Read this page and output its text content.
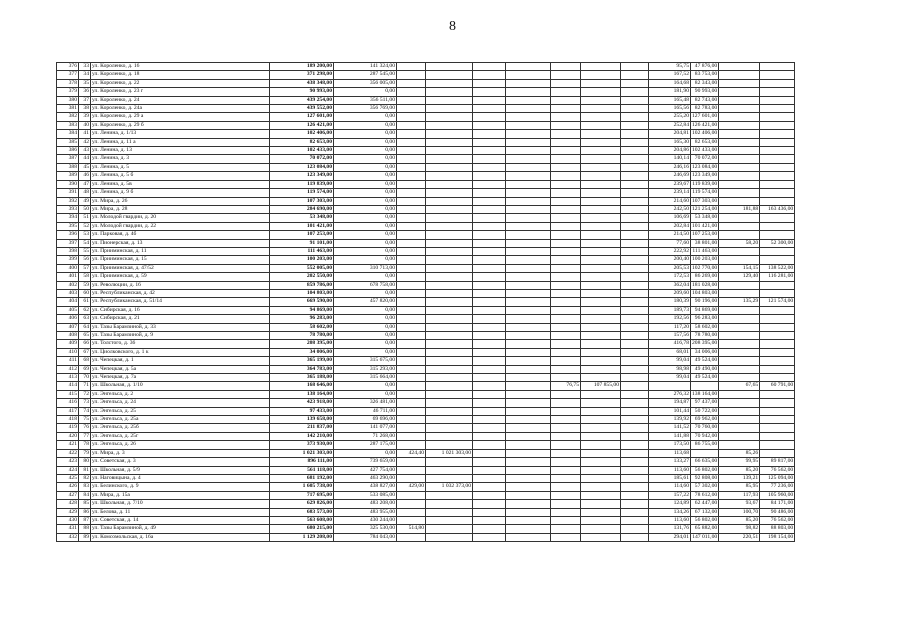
8
376	33	ул. Короленко, д. 16	189 200,00	141 324,00								95,75	47 876,00		
377	34	ул. Короленко, д. 18	371 298,00	287 545,00								167,52	83 753,00		
378	35	ул. Короленко, д. 22	438 348,00	356 005,00								164,68	82 343,00		
379	36	ул. Короленко, д. 23 г	90 993,00	0,00								181,90	90 993,00		
380	37	ул. Короленко, д. 24	439 254,00	356 511,00								165,48	82 743,00		
381	38	ул. Короленко, д. 24а	439 552,00	356 769,00								165,56	82 783,00		
382	39	ул. Короленко, д. 29 а	127 601,00	0,00								255,20	127 601,00		
383	40	ул. Короленко, д. 29 б	126 421,00	0,00								252,84	126 421,00		
384	41	ул. Ленина, д. 1/13	102 406,00	0,00								204,81	102 406,00		
385	42	ул. Ленина, д. 11 а	82 653,00	0,00								165,30	82 653,00		
386	43	ул. Ленина, д. 13	102 433,00	0,00								204,86	102 433,00		
387	44	ул. Ленина, д. 3	70 072,00	0,00								140,14	70 072,00		
388	45	ул. Ленина, д. 5	123 084,00	0,00								246,16	123 084,00		
389	46	ул. Ленина, д. 5 б	123 349,00	0,00								246,69	123 349,00		
390	47	ул. Ленина, д. 5в	119 839,00	0,00								239,67	119 839,00		
391	48	ул. Ленина, д. 9 б	119 574,00	0,00								239,14	119 574,00		
392	49	ул. Мира, д. 26	107 303,00	0,00								214,60	107 303,00		
393	50	ул. Мира, д. 28	284 690,00	0,00								242,50	121 254,00	181,88	163 436,00
394	51	ул. Молодой гвардии, д. 20	53 348,00	0,00								106,69	53 348,00		
395	52	ул. Молодой гвардии, д. 22	101 421,00	0,00								202,84	101 421,00		
396	53	ул. Парковая, д. 4б	107 253,00	0,00								214,50	107 253,00		
397	54	ул. Пионерская, д. 13	91 101,00	0,00								77,60	38 801,00	58,20	52 300,00
398	55	ул. Прииминская, д. 11	111 463,00	0,00								222,92	111 463,00		
399	56	ул. Прииминская, д. 15	100 203,00	0,00								200,40	100 203,00		
400	57	ул. Прииминская, д. 47/52	552 005,00	310 713,00								205,53	102 770,00	154,15	138 522,00
401	58	ул. Прииминская, д. 59	202 550,00	0,00								172,53	86 269,00	129,40	116 281,00
402	59	ул. Революции, д. 16	859 786,00	678 758,00								362,04	181 028,00		
403	60	ул. Республиканская, д. 42	104 803,00	0,00								209,60	104 803,00		
404	61	ул. Республиканская, д. 51/14	669 590,00	457 820,00								180,39	90 196,00	135,29	121 574,00
405	62	ул. Сибирская, д. 16	94 869,00	0,00								189,73	94 869,00		
406	63	ул. Сибирская, д. 21	96 283,00	0,00								192,56	96 283,00		
407	64	ул. Тазы Барамзиной, д. 33	58 602,00	0,00								117,20	58 602,00		
408	65	ул. Тазы Барамзиной, д. 9	78 780,00	0,00								157,56	78 780,00		
409	66	ул. Толстого, д. 36	208 395,00	0,00								416,78	208 395,00		
410	67	ул. Циолковского, д. 1 к	34 006,00	0,00								68,01	34 006,00		
411	68	ул. Чепецкая, д. 1	365 199,00	315 675,00								99,04	49 524,00		
412	69	ул. Чепецкая, д. 5а	364 783,00	315 293,00								98,98	49 490,00		
413	70	ул. Чепецкая, д. 7а	365 188,00	315 664,00								99,04	49 524,00		
414	71	ул. Школьная, д. 1/10	168 646,00	0,00					76,75	107 855,00				67,65	60 791,00
415	72	ул. Энгельса, д. 2	138 164,00	0,00								276,32	138 164,00		
416	73	ул. Энгельса, д. 24	423 918,00	326 481,00								194,87	97 437,00		
417	74	ул. Энгельса, д. 25	97 433,00	46 711,00								101,44	50 722,00		
418	75	ул. Энгельса, д. 25а	139 658,00	69 696,00								139,92	69 962,00		
419	76	ул. Энгельса, д. 25б	211 837,00	141 077,00								141,52	70 760,00		
420	77	ул. Энгельса, д. 25г	142 210,00	71 268,00								141,88	70 942,00		
421	78	ул. Энгельса, д. 26	373 930,00	287 175,00								173,50	86 755,00		
422	79	ул. Мира, д. 3	1 021 303,00	0,00	424,40	1 021 303,00						113,68		85,26	
423	80	ул. Советская, д. 3	896 111,00	739 659,00								133,27	66 635,00	99,95	89 817,00
424	81	ул. Школьная, д. 5/9	561 118,00	427 754,00								113,60	56 802,00	85,20	76 562,00
425	82	ул. Наговицына, д. 4	681 192,00	463 290,00								185,61	92 808,00	139,21	125 094,00
426	83	ул. Белинского, д. 9	1 605 738,00	438 827,00	429,00	1 032 373,00						114,60	57 302,00	85,95	77 236,00
427	84	ул. Мира, д. 15а	717 695,00	533 085,00								157,22	78 612,00	117,93	105 960,00
428	85	ул. Школьная, д. 7/10	629 826,00	483 208,00								124,89	62 447,00	93,67	84 171,00
429	86	ул. Белова, д. 11	683 573,00	483 955,00								134,26	67 132,00	100,70	90 486,00
430	87	ул. Советская, д. 14	563 608,00	430 244,00								113,60	56 802,00	85,20	76 562,00
431	88	ул. Тазы Барамзиной, д. 49	680 215,00	325 530,00	514,80							131,76	65 882,00	98,82	88 803,00
432	89	ул. Комсомольская, д. 16а	1 129 208,00	784 043,00								294,01	147 011,00	220,51	198 154,00
